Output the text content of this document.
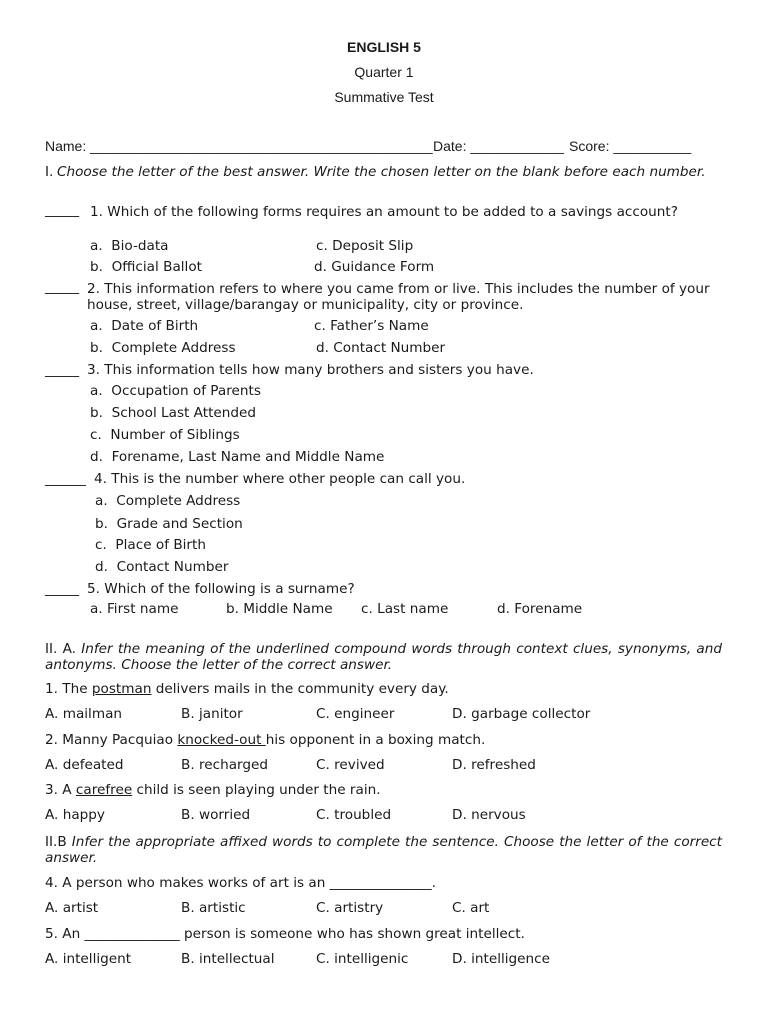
ENGLISH 5
Quarter 1
Summative Test
Name: ____________________________________________ Date: ____________ Score: __________
I. Choose the letter of the best answer. Write the chosen letter on the blank before each number.
_____ 1. Which of the following forms requires an amount to be added to a savings account?
a.  Bio-data
b.  Official Ballot
c. Deposit Slip
d. Guidance Form
_____ 2. This information refers to where you came from or live. This includes the number of your house, street, village/barangay or municipality, city or province.
a.  Date of Birth
b.  Complete Address
c. Father’s Name
d. Contact Number
_____ 3. This information tells how many brothers and sisters you have.
a.  Occupation of Parents
b.  School Last Attended
c.  Number of Siblings
d.  Forename, Last Name and Middle Name
______ 4. This is the number where other people can call you.
a.  Complete Address
b.  Grade and Section
c.  Place of Birth
d.  Contact Number
_____ 5. Which of the following is a surname?
a. First name	b. Middle Name c. Last name	d. Forename
II. A. Infer the meaning of the underlined compound words through context clues, synonyms, and antonyms. Choose the letter of the correct answer.
1. The postman delivers mails in the community every day.
A. mailman	B. janitor	C. engineer	D. garbage collector
2. Manny Pacquiao knocked-out his opponent in a boxing match.
A. defeated	B. recharged	C. revived	D. refreshed
3. A carefree child is seen playing under the rain.
A. happy	B. worried	C. troubled	D. nervous
II.B Infer the appropriate affixed words to complete the sentence. Choose the letter of the correct answer.
4. A person who makes works of art is an _______________.
A. artist	B. artistic	C. artistry	C. art
5. An ______________ person is someone who has shown great intellect.
A. intelligent	B. intellectual	C. intelligenic	D. intelligence
